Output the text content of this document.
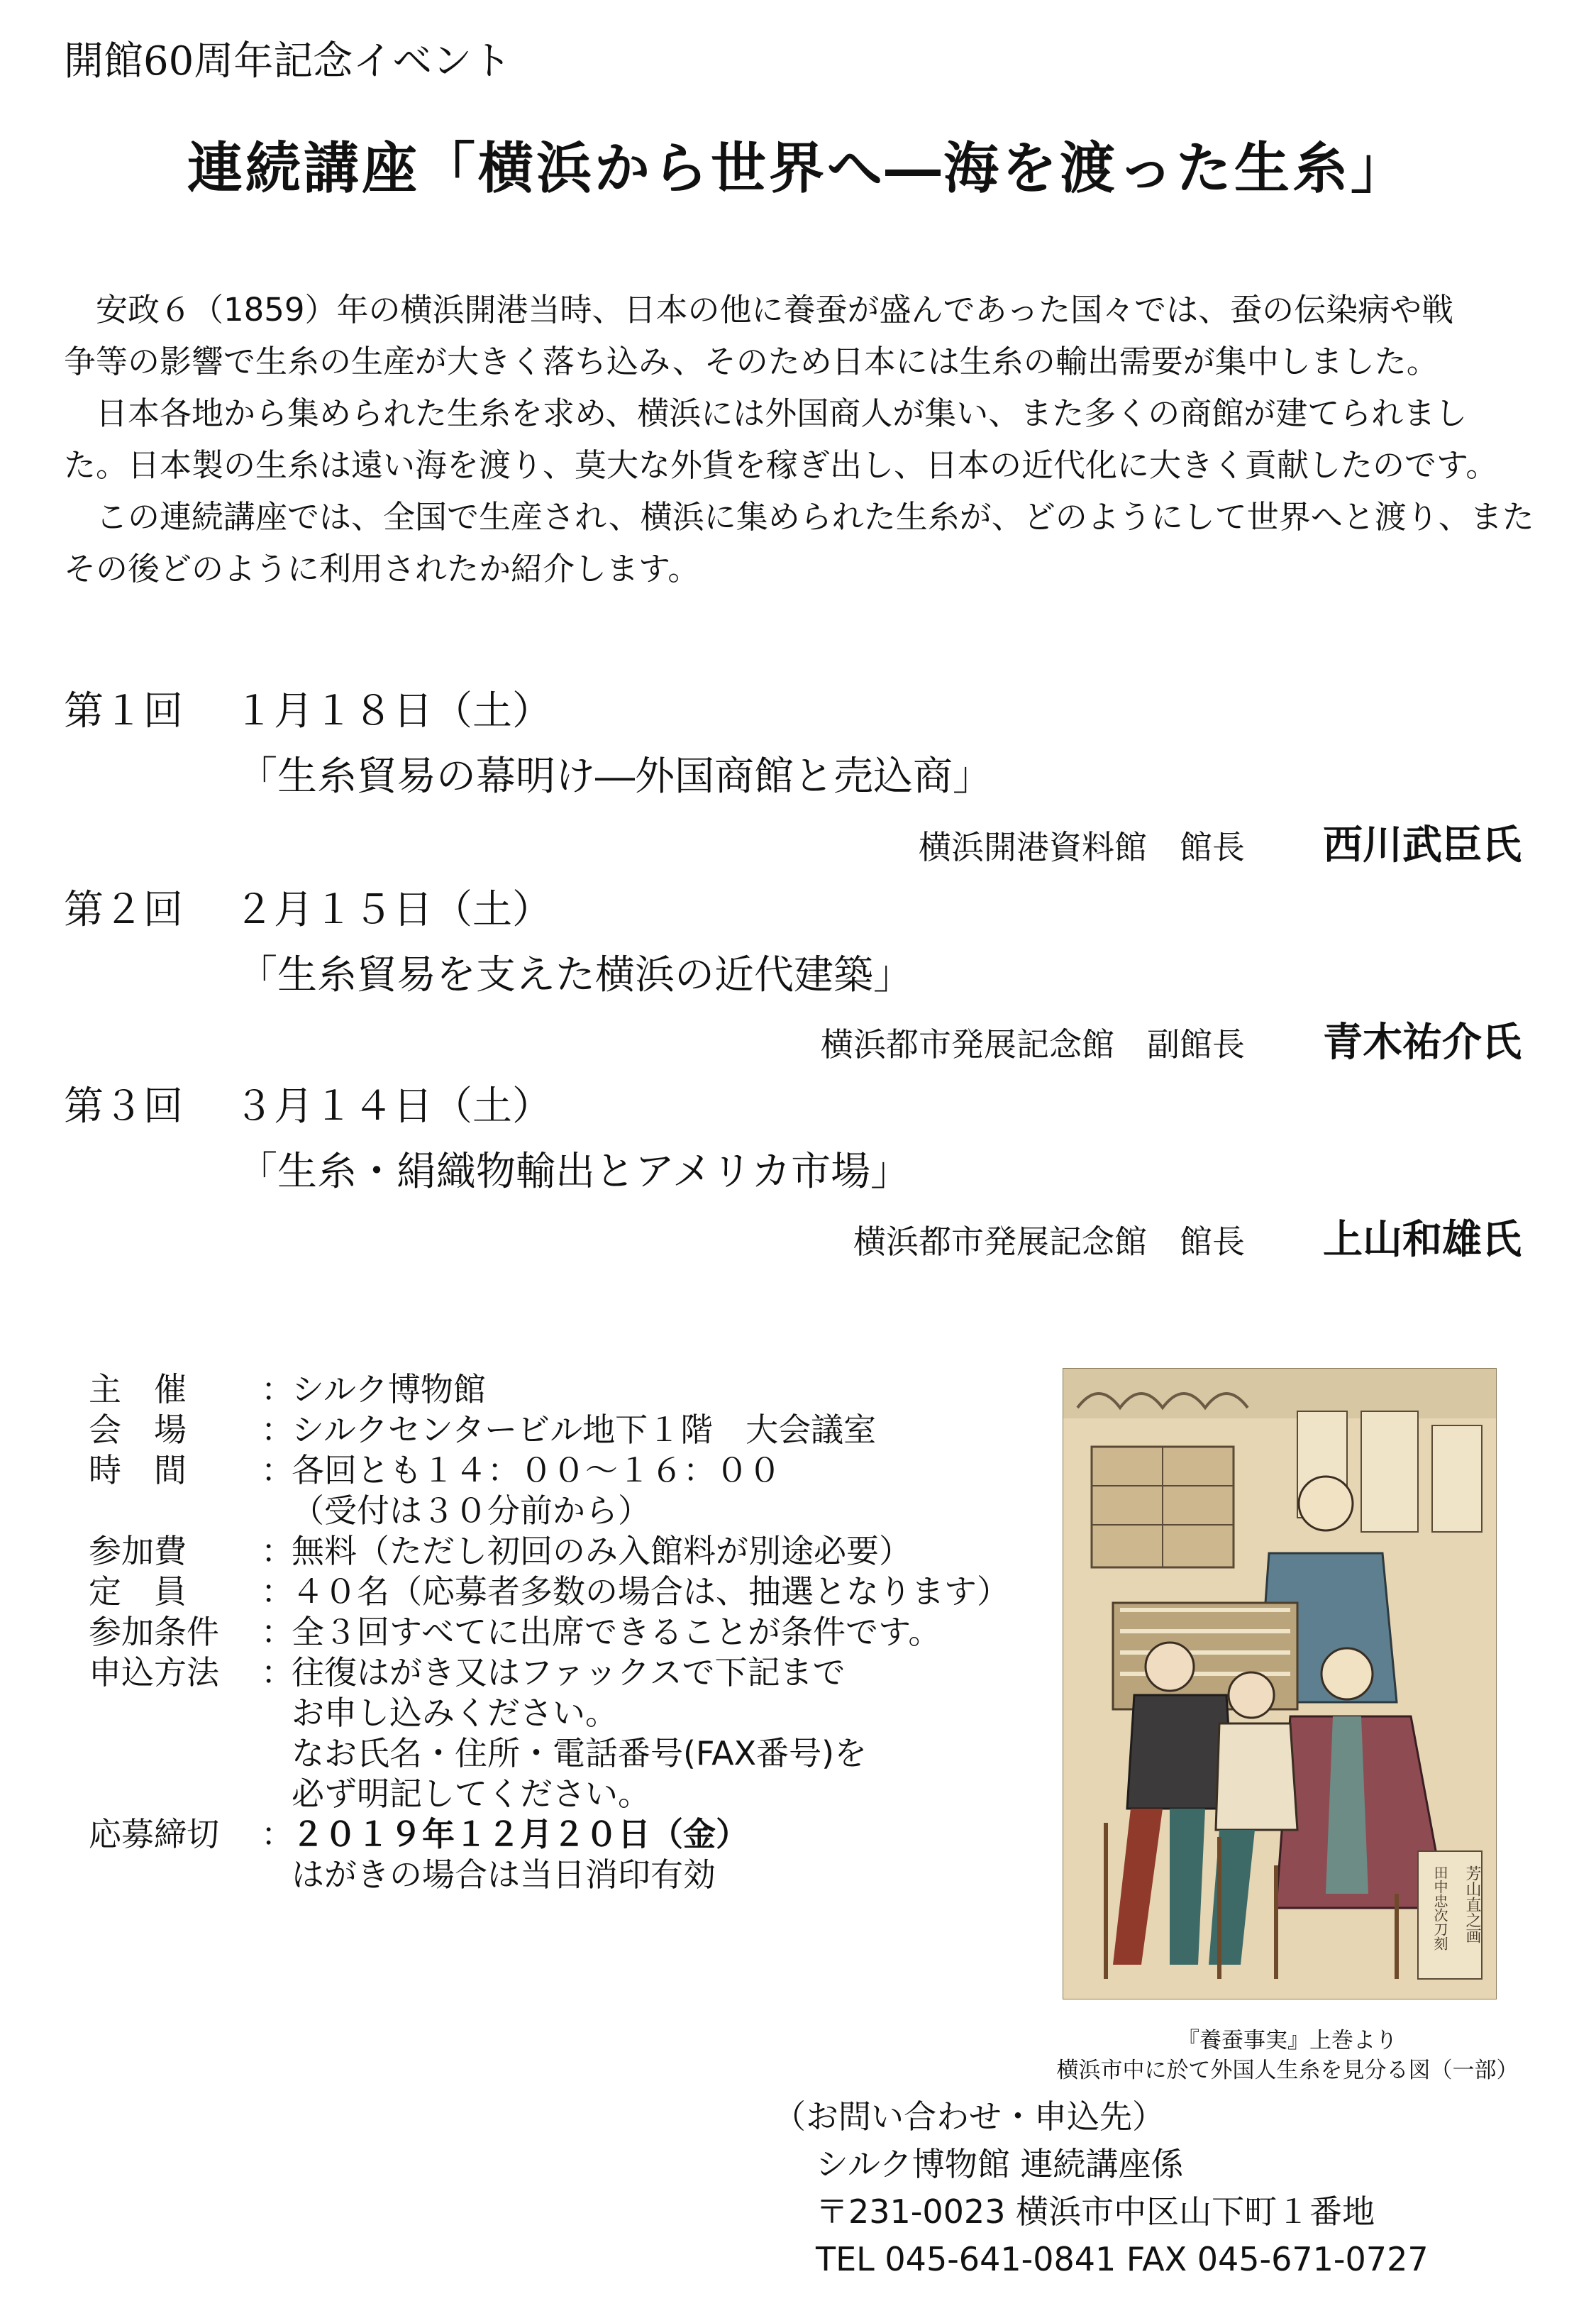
開館60周年記念イベント
連続講座「横浜から世界へ―海を渡った生糸」

　安政６（1859）年の横浜開港当時、日本の他に養蚕が盛んであった国々では、蚕の伝染病や戦

争等の影響で生糸の生産が大きく落ち込み、そのため日本には生糸の輸出需要が集中しました。

　日本各地から集められた生糸を求め、横浜には外国商人が集い、また多くの商館が建てられまし

た。日本製の生糸は遠い海を渡り、莫大な外貨を稼ぎ出し、日本の近代化に大きく貢献したのです。

　この連続講座では、全国で生産され、横浜に集められた生糸が、どのようにして世界へと渡り、また

その後どのように利用されたか紹介します。

第１回 １月１８日（土）
「生糸貿易の幕明け―外国商館と売込商」
横浜開港資料館　館長 西川武臣氏
第２回 ２月１５日（土）
「生糸貿易を支えた横浜の近代建築」
横浜都市発展記念館　副館長 青木祐介氏
第３回 ３月１４日（土）
「生糸・絹織物輸出とアメリカ市場」
横浜都市発展記念館　館長 上山和雄氏
主　催 ：シルク博物館
会　場 ：シルクセンタービル地下１階　大会議室
時　間 ：各回とも１４：００～１６：００
（受付は３０分前から）
参加費 ：無料（ただし初回のみ入館料が別途必要）
定　員 ：４０名（応募者多数の場合は、抽選となります）
参加条件 ：全３回すべてに出席できることが条件です。
申込方法 ：往復はがき又はファックスで下記まで
お申し込みください。
なお氏名・住所・電話番号(FAX番号)を
必ず明記してください。
応募締切 ：２０１９年１２月２０日（金）
はがきの場合は当日消印有効	芳山直之画
田中忠次刀刻
『養蚕事実』上巻より
横浜市中に於て外国人生糸を見分る図（一部）
（お問い合わせ・申込先）
シルク博物館 連続講座係
〒231-0023 横浜市中区山下町１番地
TEL 045-641-0841 FAX 045-671-0727
